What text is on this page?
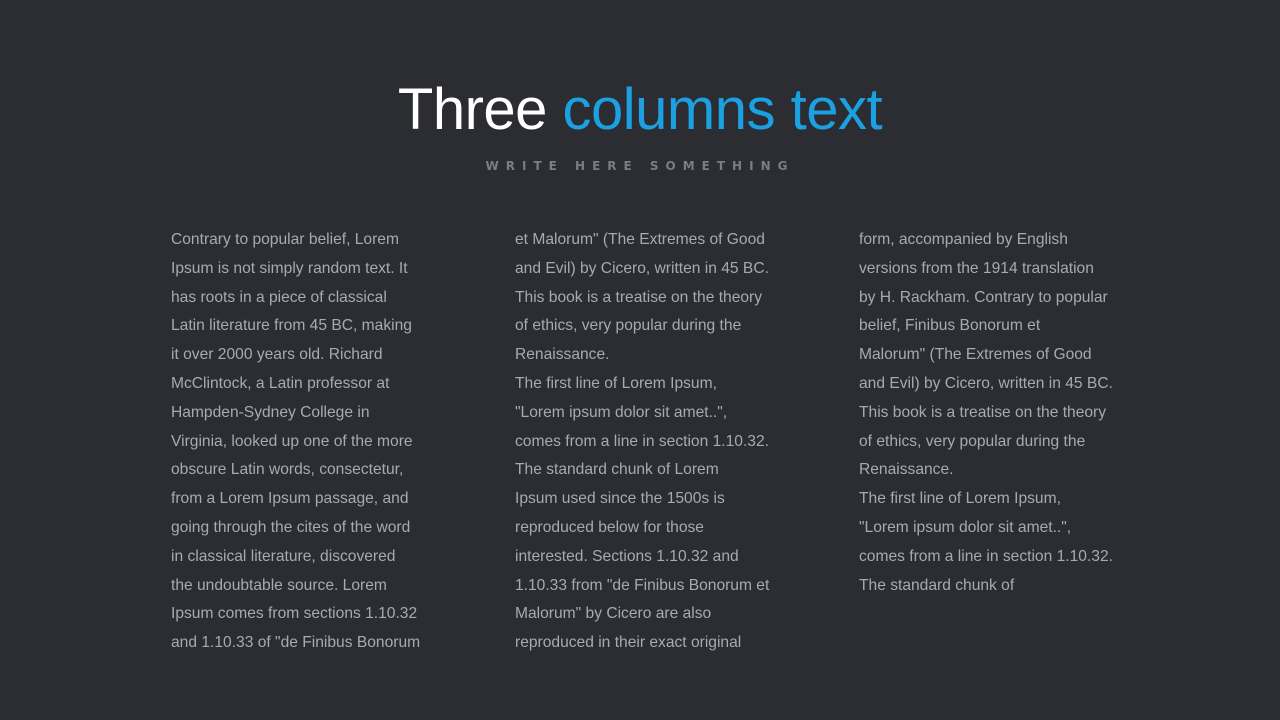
Three columns text
WRITE HERE SOMETHING
Contrary to popular belief, Lorem
Ipsum is not simply random text. It
has roots in a piece of classical
Latin literature from 45 BC, making
it over 2000 years old. Richard
McClintock, a Latin professor at
Hampden-Sydney College in
Virginia, looked up one of the more
obscure Latin words, consectetur,
from a Lorem Ipsum passage, and
going through the cites of the word
in classical literature, discovered
the undoubtable source. Lorem
Ipsum comes from sections 1.10.32
and 1.10.33 of "de Finibus Bonorum
et Malorum" (The Extremes of Good
and Evil) by Cicero, written in 45 BC.
This book is a treatise on the theory
of ethics, very popular during the
Renaissance.
The first line of Lorem Ipsum,
"Lorem ipsum dolor sit amet..",
comes from a line in section 1.10.32.
The standard chunk of Lorem
Ipsum used since the 1500s is
reproduced below for those
interested. Sections 1.10.32 and
1.10.33 from "de Finibus Bonorum et
Malorum" by Cicero are also
reproduced in their exact original
form, accompanied by English
versions from the 1914 translation
by H. Rackham. Contrary to popular
belief, Finibus Bonorum et
Malorum" (The Extremes of Good
and Evil) by Cicero, written in 45 BC.
This book is a treatise on the theory
of ethics, very popular during the
Renaissance.
The first line of Lorem Ipsum,
"Lorem ipsum dolor sit amet..",
comes from a line in section 1.10.32.
The standard chunk of
